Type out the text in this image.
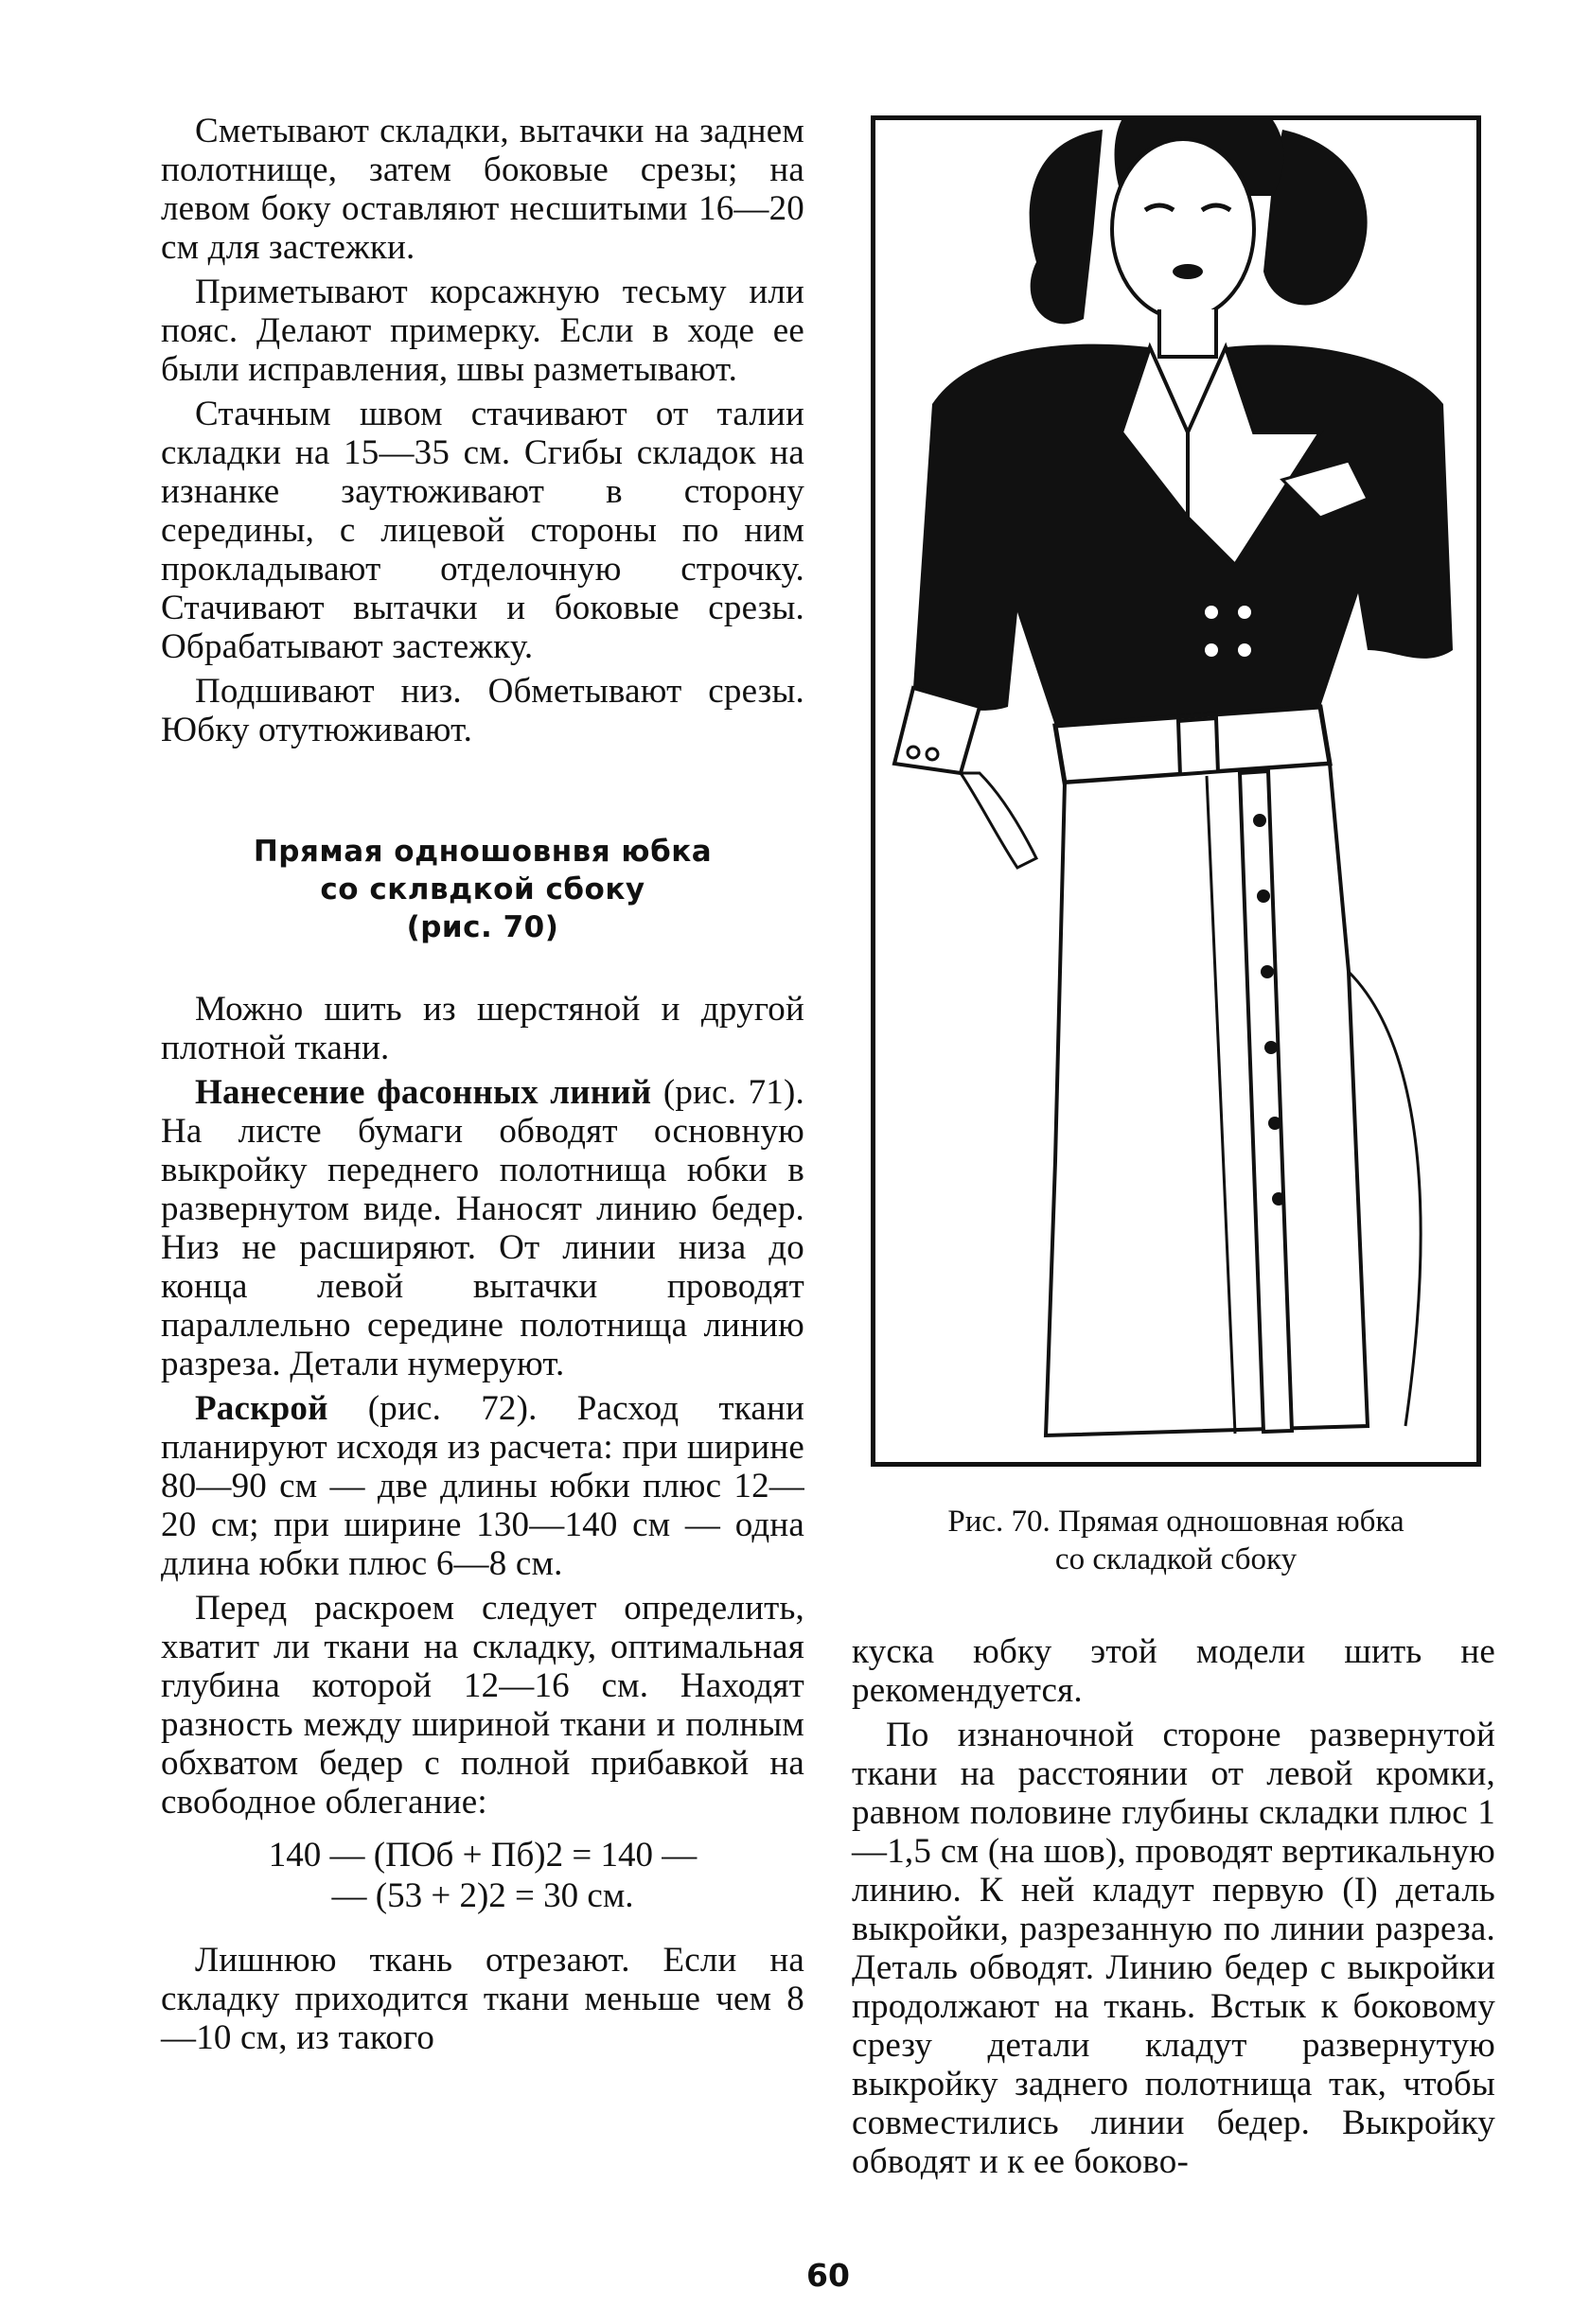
Сметывают складки, вытачки на заднем полотнище, затем боковые срезы; на левом боку оставляют несшитыми 16—20 см для застежки.

Приметывают корсажную тесьму или пояс. Делают примерку. Если в ходе ее были исправления, швы разметывают.

Стачным швом стачивают от талии складки на 15—35 см. Сгибы складок на изнанке заутюживают в сторону середины, с лицевой стороны по ним прокладывают отделочную строчку. Стачивают вытачки и боковые срезы. Обрабатывают застежку.

Подшивают низ. Обметывают срезы. Юбку отутюживают.

Прямая одношовнвя юбка
со склвдкой сбоку
(рис. 70)

Можно шить из шерстяной и другой плотной ткани.

Нанесение фасонных линий (рис. 71). На листе бумаги обводят основную выкройку переднего полотнища юбки в развернутом виде. Наносят линию бедер. Низ не расширяют. От линии низа до конца левой вытачки проводят параллельно середине полотнища линию разреза. Детали нумеруют.

Раскрой (рис. 72). Расход ткани планируют исходя из расчета: при ширине 80—90 см — две длины юбки плюс 12—20 см; при ширине 130—140 см — одна длина юбки плюс 6—8 см.

Перед раскроем следует определить, хватит ли ткани на складку, оптимальная глубина которой 12—16 см. Находят разность между шириной ткани и полным обхватом бедер с полной прибавкой на свободное облегание:

140 — (ПОб + Пб)2 = 140 —
— (53 + 2)2 = 30 см.

Лишнюю ткань отрезают. Если на складку приходится ткани меньше чем 8—10 см, из такого

Рис. 70. Прямая одношовная юбка
со складкой сбоку

куска юбку этой модели шить не рекомендуется.

По изнаночной стороне развернутой ткани на расстоянии от левой кромки, равном половине глубины складки плюс 1—1,5 см (на шов), проводят вертикальную линию. К ней кладут первую (I) деталь выкройки, разрезанную по линии разреза. Деталь обводят. Линию бедер с выкройки продолжают на ткань. Встык к боковому срезу детали кладут развернутую выкройку заднего полотнища так, чтобы совместились линии бедер. Выкройку обводят и к ее боково-

60
